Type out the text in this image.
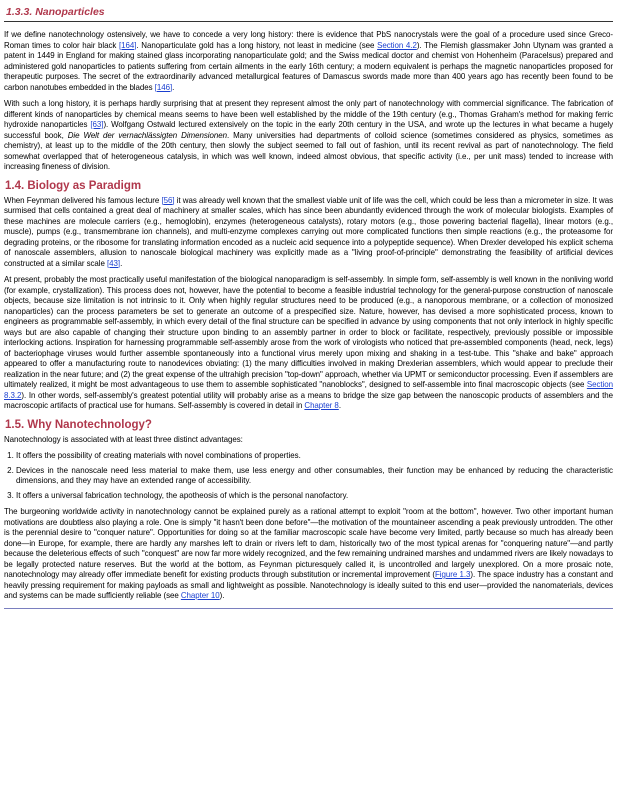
1.3.3. Nanoparticles

If we define nanotechnology ostensively, we have to concede a very long history: there is evidence that PbS nanocrystals were the goal of a procedure used since Greco-Roman times to color hair black [164]. Nanoparticulate gold has a long history, not least in medicine (see Section 4.2). The Flemish glassmaker John Utynam was granted a patent in 1449 in England for making stained glass incorporating nanoparticulate gold; and the Swiss medical doctor and chemist von Hohenheim (Paracelsus) prepared and administered gold nanoparticles to patients suffering from certain ailments in the early 16th century; a modern equivalent is perhaps the magnetic nanoparticles proposed for therapeutic purposes. The secret of the extraordinarily advanced metallurgical features of Damascus swords made more than 400 years ago has recently been found to be carbon nanotubes embedded in the blades [146].

With such a long history, it is perhaps hardly surprising that at present they represent almost the only part of nanotechnology with commercial significance. The fabrication of different kinds of nanoparticles by chemical means seems to have been well established by the middle of the 19th century (e.g., Thomas Graham's method for making ferric hydroxide nanoparticles [63]). Wolfgang Ostwald lectured extensively on the topic in the early 20th century in the USA, and wrote up the lectures in what became a hugely successful book, Die Welt der vernachlässigten Dimensionen. Many universities had departments of colloid science (sometimes considered as physics, sometimes as chemistry), at least up to the middle of the 20th century, then slowly the subject seemed to fall out of fashion, until its recent revival as part of nanotechnology. The field somewhat overlapped that of heterogeneous catalysis, in which was well known, indeed almost obvious, that specific activity (i.e., per unit mass) tended to increase with increasing fineness of division.

1.4. Biology as Paradigm

When Feynman delivered his famous lecture [56] it was already well known that the smallest viable unit of life was the cell, which could be less than a micrometer in size. It was surmised that cells contained a great deal of machinery at smaller scales, which has since been abundantly evidenced through the work of molecular biologists. Examples of these machines are molecule carriers (e.g., hemoglobin), enzymes (heterogeneous catalysts), rotary motors (e.g., those powering bacterial flagella), linear motors (e.g., muscle), pumps (e.g., transmembrane ion channels), and multi-enzyme complexes carrying out more complicated functions then simple reactions (e.g., the proteasome for degrading proteins, or the ribosome for translating information encoded as a nucleic acid sequence into a polypeptide sequence). When Drexler developed his explicit schema of nanoscale assemblers, allusion to nanoscale biological machinery was explicitly made as a "living proof-of-principle" demonstrating the feasibility of artificial devices constructed at a similar scale [43].

At present, probably the most practically useful manifestation of the biological nanoparadigm is self-assembly. In simple form, self-assembly is well known in the nonliving world (for example, crystallization). This process does not, however, have the potential to become a feasible industrial technology for the general-purpose construction of nanoscale objects, because size limitation is not intrinsic to it. Only when highly regular structures need to be produced (e.g., a nanoporous membrane, or a collection of monosized nanoparticles) can the process parameters be set to generate an outcome of a prespecified size. Nature, however, has devised a more sophisticated process, known to engineers as programmable self-assembly, in which every detail of the final structure can be specified in advance by using components that not only interlock in highly specific ways but are also capable of changing their structure upon binding to an assembly partner in order to block or facilitate, respectively, previously possible or impossible interlocking actions. Inspiration for harnessing programmable self-assembly arose from the work of virologists who noticed that pre-assembled components (head, neck, legs) of bacteriophage viruses would further assemble spontaneously into a functional virus merely upon mixing and shaking in a test-tube. This "shake and bake" approach appeared to offer a manufacturing route to nanodevices obviating: (1) the many difficulties involved in making Drexlerian assemblers, which would appear to preclude their realization in the near future; and (2) the great expense of the ultrahigh precision "top-down" approach, whether via UPMT or semiconductor processing. Even if assemblers are ultimately realized, it might be most advantageous to use them to assemble sophisticated "nanoblocks", designed to self-assemble into final macroscopic objects (see Section 8.3.2). In other words, self-assembly's greatest potential utility will probably arise as a means to bridge the size gap between the nanoscopic products of assemblers and the macroscopic artifacts of practical use for humans. Self-assembly is covered in detail in Chapter 8.

1.5. Why Nanotechnology?

Nanotechnology is associated with at least three distinct advantages:

1. It offers the possibility of creating materials with novel combinations of properties.
2. Devices in the nanoscale need less material to make them, use less energy and other consumables, their function may be enhanced by reducing the characteristic dimensions, and they may have an extended range of accessibility.
3. It offers a universal fabrication technology, the apotheosis of which is the personal nanofactory.

The burgeoning worldwide activity in nanotechnology cannot be explained purely as a rational attempt to exploit "room at the bottom", however. Two other important human motivations are doubtless also playing a role. One is simply "it hasn't been done before"—the motivation of the mountaineer ascending a peak previously untrodden. The other is the perennial desire to "conquer nature". Opportunities for doing so at the familiar macroscopic scale have become very limited, partly because so much has already been done—in Europe, for example, there are hardly any marshes left to drain or rivers left to dam, historically two of the most typical arenas for "conquering nature"—and partly because the deleterious effects of such "conquest" are now far more widely recognized, and the few remaining undrained marshes and undammed rivers are likely nowadays to be legally protected nature reserves. But the world at the bottom, as Feynman picturesquely called it, is uncontrolled and largely unexplored. On a more prosaic note, nanotechnology may already offer immediate benefit for existing products through substitution or incremental improvement (Figure 1.3). The space industry has a constant and heavily pressing requirement for making payloads as small and lightweight as possible. Nanotechnology is ideally suited to this end user—provided the nanomaterials, devices and systems can be made sufficiently reliable (see Chapter 10).
